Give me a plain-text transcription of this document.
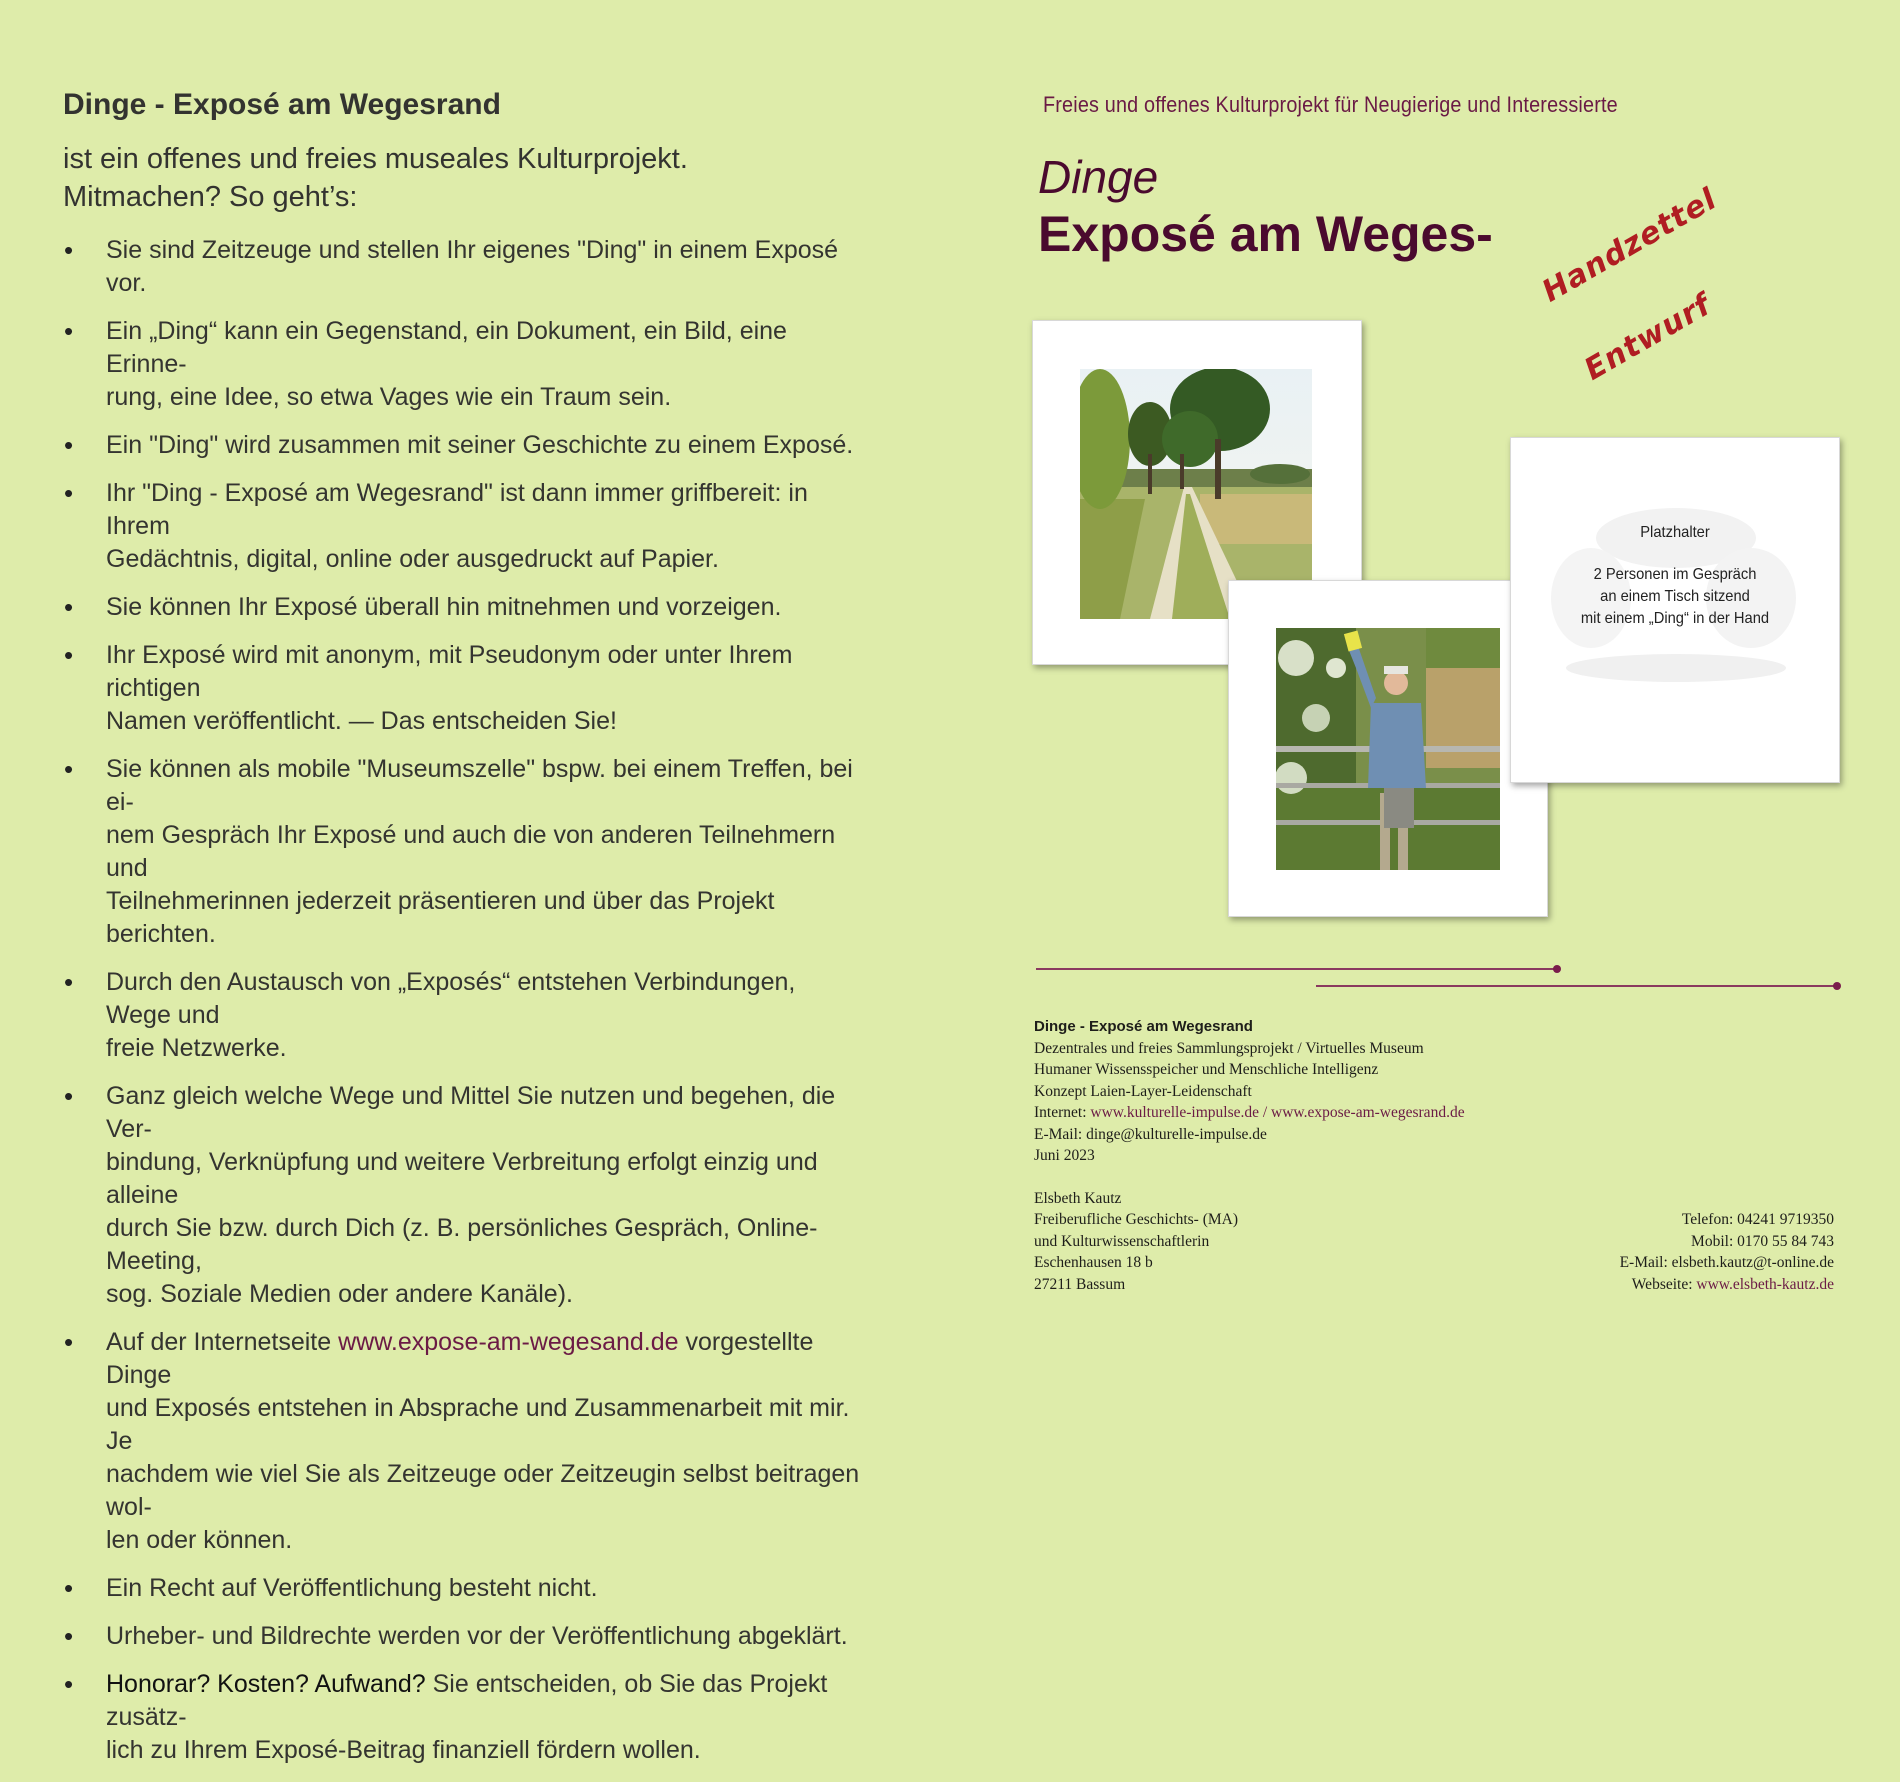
Dinge - Exposé am Wegesrand
ist ein offenes und freies museales Kulturprojekt.
Mitmachen? So geht’s:
• Sie sind Zeitzeuge und stellen Ihr eigenes "Ding" in einem Exposé vor.
• Ein „Ding“ kann ein Gegenstand, ein Dokument, ein Bild, eine Erinne-
rung, eine Idee, so etwa Vages wie ein Traum sein.
• Ein "Ding" wird zusammen mit seiner Geschichte zu einem Exposé.
• Ihr "Ding - Exposé am Wegesrand" ist dann immer griffbereit: in Ihrem
Gedächtnis, digital, online oder ausgedruckt auf Papier.
• Sie können Ihr Exposé überall hin mitnehmen und vorzeigen.
• Ihr Exposé wird mit anonym, mit Pseudonym oder unter Ihrem richtigen
Namen veröffentlicht. — Das entscheiden Sie!
• Sie können als mobile "Museumszelle" bspw. bei einem Treffen, bei ei-
nem Gespräch Ihr Exposé und auch die von anderen Teilnehmern und
Teilnehmerinnen jederzeit präsentieren und über das Projekt berichten.
• Durch den Austausch von „Exposés“ entstehen Verbindungen, Wege und
freie Netzwerke.
• Ganz gleich welche Wege und Mittel Sie nutzen und begehen, die Ver-
bindung, Verknüpfung und weitere Verbreitung erfolgt einzig und alleine
durch Sie bzw. durch Dich (z. B. persönliches Gespräch, Online-Meeting,
sog. Soziale Medien oder andere Kanäle).
• Auf der Internetseite www.expose-am-wegesand.de vorgestellte Dinge
und Exposés entstehen in Absprache und Zusammenarbeit mit mir. Je
nachdem wie viel Sie als Zeitzeuge oder Zeitzeugin selbst beitragen wol-
len oder können.
• Ein Recht auf Veröffentlichung besteht nicht.
• Urheber- und Bildrechte werden vor der Veröffentlichung abgeklärt.
• Honorar? Kosten? Aufwand? Sie entscheiden, ob Sie das Projekt zusätz-
lich zu Ihrem Exposé-Beitrag finanziell fördern wollen.
Freies und offenes Kulturprojekt für Neugierige und Interessierte
Dinge
Exposé am Weges- Handzettel
Entwurf
Platzhalter
2 Personen im Gespräch
an einem Tisch sitzend
mit einem „Ding“ in der Hand
Dinge - Exposé am Wegesrand
Dezentrales und freies Sammlungsprojekt / Virtuelles Museum
Humaner Wissensspeicher und Menschliche Intelligenz
Konzept Laien-Layer-Leidenschaft
Internet: www.kulturelle-impulse.de / www.expose-am-wegesrand.de
E-Mail: dinge@kulturelle-impulse.de
Juni 2023
Elsbeth Kautz
Freiberufliche Geschichts- (MA)
und Kulturwissenschaftlerin
Eschenhausen 18 b
27211 Bassum
Telefon: 04241 9719350
Mobil: 0170 55 84 743
E-Mail: elsbeth.kautz@t-online.de
Webseite: www.elsbeth-kautz.de
